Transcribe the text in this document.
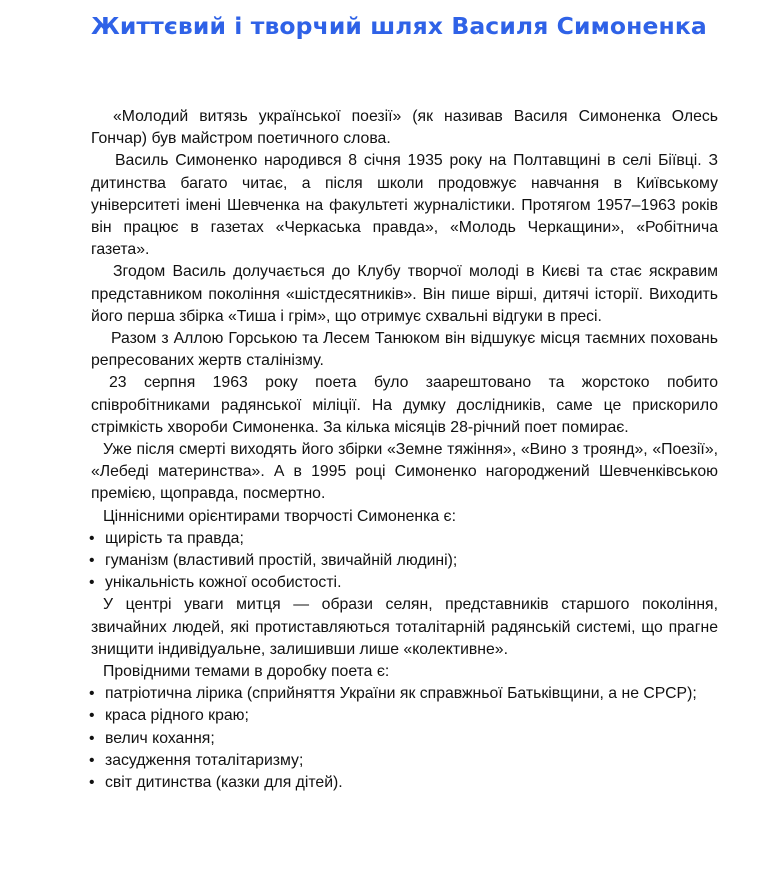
Життєвий і творчий шлях Василя Симоненка

«Молодий витязь української поезії» (як називав Василя Симоненка Олесь Гончар) був майстром поетичного слова.

Василь Симоненко народився 8 січня 1935 року на Полтавщині в селі Біївці. З дитинства багато читає, а після школи продовжує навчання в Київському університеті імені Шевченка на факультеті журналістики. Протягом 1957–1963 років він працює в газетах «Черкаська правда», «Молодь Черкащини», «Робітнича газета».

Згодом Василь долучається до Клубу творчої молоді в Києві та стає яскравим представником покоління «шістдесятників». Він пише вірші, дитячі історії. Виходить його перша збірка «Тиша і грім», що отримує схвальні відгуки в пресі.

Разом з Аллою Горською та Лесем Танюком він відшукує місця таємних поховань репресованих жертв сталінізму.

23 серпня 1963 року поета було заарештовано та жорстоко побито співробітниками радянської міліції. На думку дослідників, саме це прискорило стрімкість хвороби Симоненка. За кілька місяців 28-річний поет помирає.

Уже після смерті виходять його збірки «Земне тяжіння», «Вино з троянд», «Поезії», «Лебеді материнства». А в 1995 році Симоненко нагороджений Шевченківською премією, щоправда, посмертно.

Ціннісними орієнтирами творчості Симоненка є:

• щирість та правда;
• гуманізм (властивий простій, звичайній людині);
• унікальність кожної особистості.

У центрі уваги митця — образи селян, представників старшого покоління, звичайних людей, які протиставляються тоталітарній радянській системі, що прагне знищити індивідуальне, залишивши лише «колективне».

Провідними темами в доробку поета є:

• патріотична лірика (сприйняття України як справжньої Батьківщини, а не СРСР);
• краса рідного краю;
• велич кохання;
• засудження тоталітаризму;
• світ дитинства (казки для дітей).
